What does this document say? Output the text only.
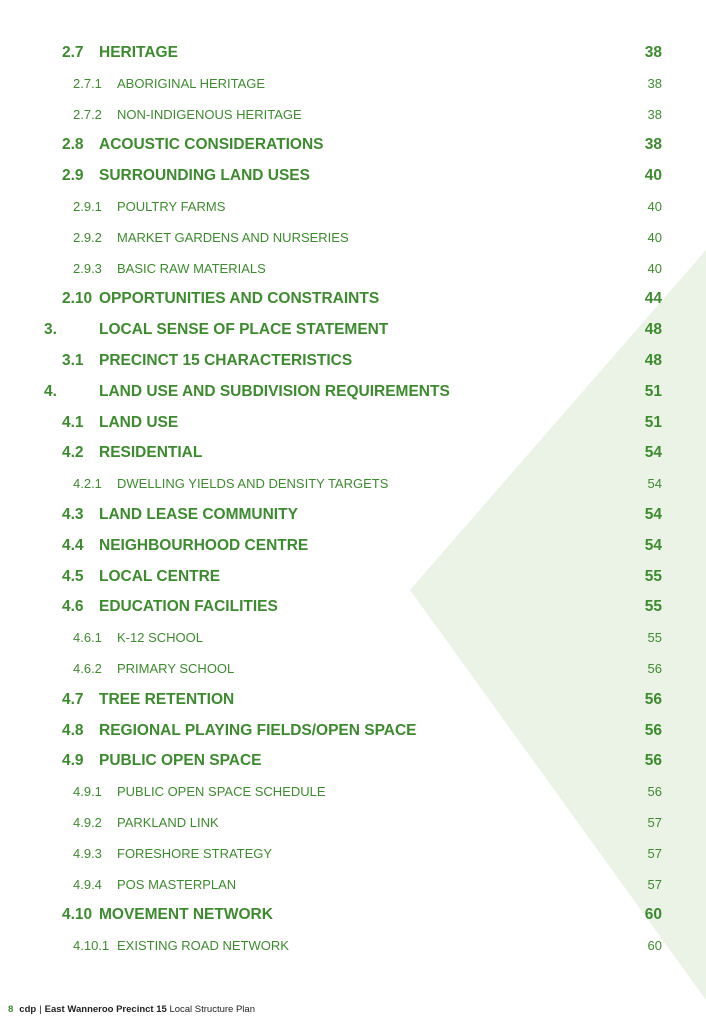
2.7 HERITAGE	38
2.7.1 ABORIGINAL HERITAGE	38
2.7.2 NON-INDIGENOUS HERITAGE	38
2.8 ACOUSTIC CONSIDERATIONS	38
2.9 SURROUNDING LAND USES	40
2.9.1 POULTRY FARMS	40
2.9.2 MARKET GARDENS AND NURSERIES	40
2.9.3 BASIC RAW MATERIALS	40
2.10 OPPORTUNITIES AND CONSTRAINTS	44
3.	LOCAL SENSE OF PLACE STATEMENT	48
3.1 PRECINCT 15 CHARACTERISTICS	48
4.	LAND USE AND SUBDIVISION REQUIREMENTS	51
4.1 LAND USE	51
4.2 RESIDENTIAL	54
4.2.1 DWELLING YIELDS AND DENSITY TARGETS	54
4.3 LAND LEASE COMMUNITY	54
4.4 NEIGHBOURHOOD CENTRE	54
4.5 LOCAL CENTRE	55
4.6 EDUCATION FACILITIES	55
4.6.1 K-12 SCHOOL	55
4.6.2 PRIMARY SCHOOL	56
4.7 TREE RETENTION	56
4.8 REGIONAL PLAYING FIELDS/OPEN SPACE	56
4.9 PUBLIC OPEN SPACE	56
4.9.1 PUBLIC OPEN SPACE SCHEDULE	56
4.9.2 PARKLAND LINK	57
4.9.3 FORESHORE STRATEGY	57
4.9.4 POS MASTERPLAN	57
4.10 MOVEMENT NETWORK	60
4.10.1 EXISTING ROAD NETWORK	60
8 cdp | East Wanneroo Precinct 15 Local Structure Plan
